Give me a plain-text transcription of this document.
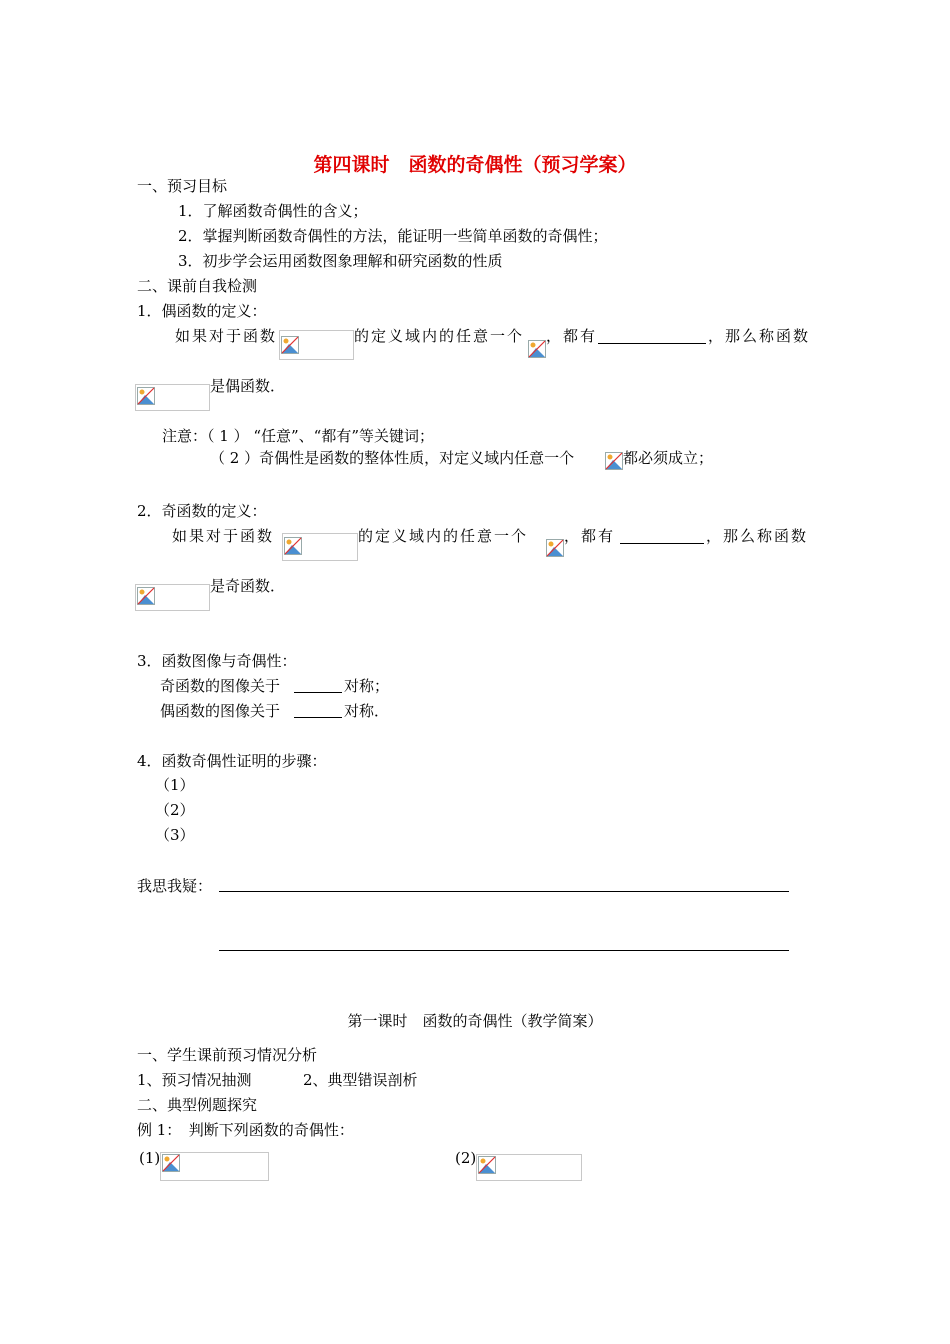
第四课时　函数的奇偶性（预习学案）
一、预习目标
1．了解函数奇偶性的含义；
2．掌握判断函数奇偶性的方法，能证明一些简单函数的奇偶性；
3．初步学会运用函数图象理解和研究函数的性质
二、课前自我检测
1．偶函数的定义：
如果对于函数	的定义域内的任意一个 ，都有	，那么称函数
是偶函数．
注意：（ 1 ） “任意”、“都有”等关键词；
（ 2 ）奇偶性是函数的整体性质，对定义域内任意一个	都必须成立；
2．奇函数的定义：
如果对于函数	的定义域内的任意一个 ，都有	，那么称函数
是奇函数．
3．函数图像与奇偶性：
奇函数的图像关于	对称；
偶函数的图像关于	对称．
4．函数奇偶性证明的步骤：
（1）
（2）
（3）
我思我疑：
第一课时　函数的奇偶性（教学简案）
一、学生课前预习情况分析
1、预习情况抽测	2、典型错误剖析
二、典型例题探究
例 1：　判断下列函数的奇偶性：
(1)	(2)
